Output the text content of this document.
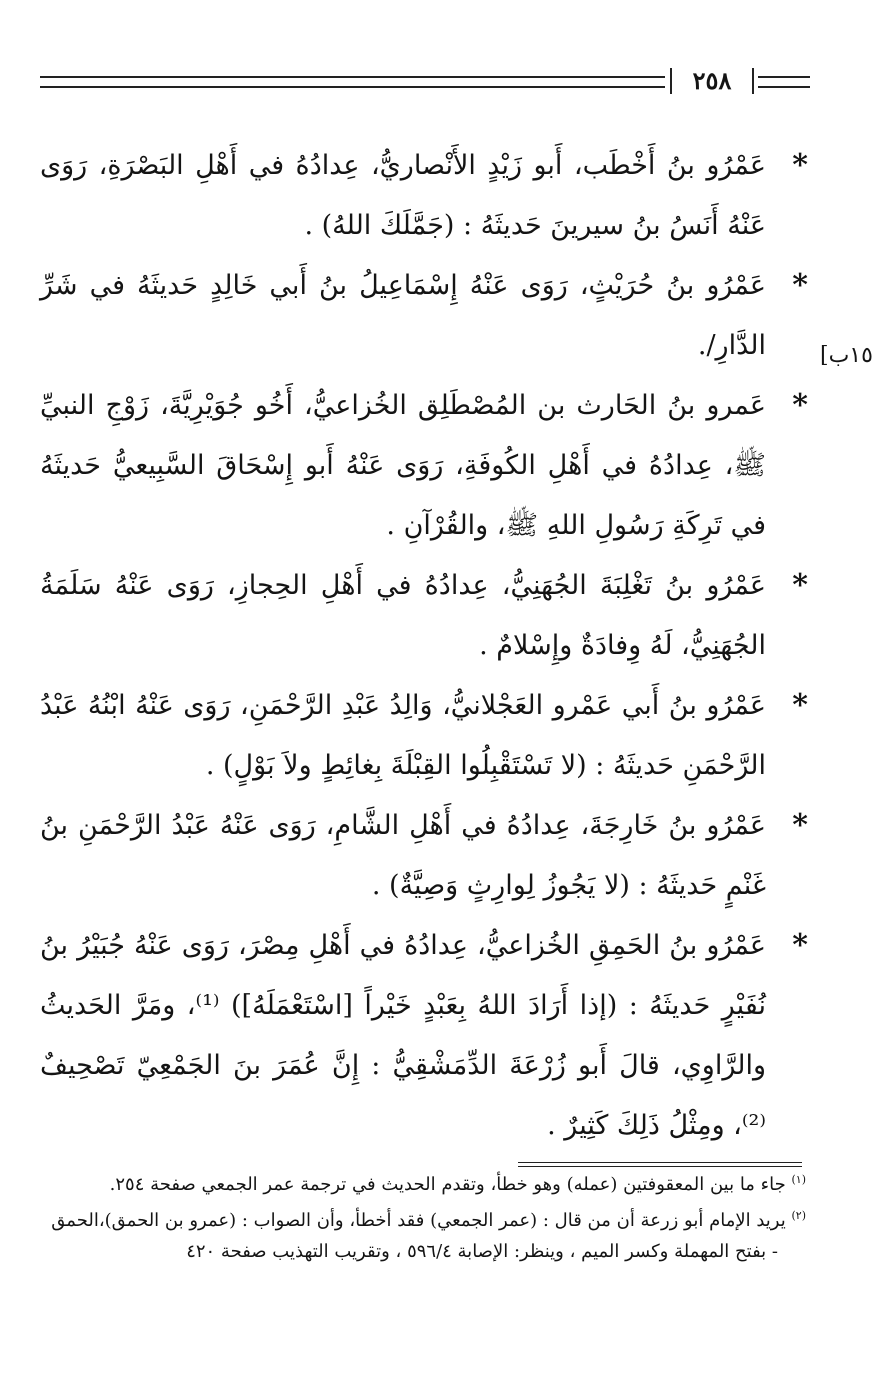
٢٥٨
١٥ب]

*
عَمْرُو بنُ أَخْطَب، أَبو زَيْدٍ الأَنْصاريُّ، عِدادُهُ في أَهْلِ البَصْرَةِ، رَوَى عَنْهُ أَنَسُ بنُ سيرينَ حَديثَهُ : (جَمَّلَكَ اللهُ) .

*
عَمْرُو بنُ حُرَيْثٍ، رَوَى عَنْهُ إِسْمَاعِيلُ بنُ أَبي خَالِدٍ حَديثَهُ في شَرِّ الدَّارِ/.

*
عَمرو بنُ الحَارث بن المُصْطَلِق الخُزاعيُّ، أَخُو جُوَيْرِيَّةَ، زَوْجِ النبيِّ ﷺ، عِدادُهُ في أَهْلِ الكُوفَةِ، رَوَى عَنْهُ أَبو إِسْحَاقَ السَّبِيعيُّ حَديثَهُ في تَرِكَةِ رَسُولِ اللهِ ﷺ، والقُرْآنِ .

*
عَمْرُو بنُ تَغْلِبَةَ الجُهَنِيُّ، عِدادُهُ في أَهْلِ الحِجازِ، رَوَى عَنْهُ سَلَمَةُ الجُهَنِيُّ، لَهُ وِفادَةٌ وإِسْلامٌ .

*
عَمْرُو بنُ أَبي عَمْرو العَجْلانيُّ، وَالِدُ عَبْدِ الرَّحْمَنِ، رَوَى عَنْهُ ابْنُهُ عَبْدُ الرَّحْمَنِ حَديثَهُ : (لا تَسْتَقْبِلُوا القِبْلَةَ بِغائِطٍ ولاَ بَوْلٍ) .

*
عَمْرُو بنُ خَارِجَةَ، عِدادُهُ في أَهْلِ الشَّامِ، رَوَى عَنْهُ عَبْدُ الرَّحْمَنِ بنُ غَنْمٍ حَديثَهُ : (لا يَجُوزُ لِوارِثٍ وَصِيَّةٌ) .

*
عَمْرُو بنُ الحَمِقِ الخُزاعيُّ، عِدادُهُ في أَهْلِ مِصْرَ، رَوَى عَنْهُ جُبَيْرُ بنُ نُفَيْرٍ حَديثَهُ : (إذا أَرَادَ اللهُ بِعَبْدٍ خَيْراً [اسْتَعْمَلَهُ]) ⁽¹⁾، ومَرَّ الحَديثُ والرَّاوِي، قالَ أَبو زُرْعَةَ الدِّمَشْقِيُّ : إِنَّ عُمَرَ بنَ الجَمْعِيّ تَصْحِيفٌ ⁽²⁾، ومِثْلُ ذَلِكَ كَثِيرٌ .

$^{(١)}$ جاء ما بين المعقوفتين (عمله) وهو خطأ، وتقدم الحديث في ترجمة عمر الجمعي صفحة ٢٥٤.

$^{(٢)}$ يريد الإمام أبو زرعة أن من قال : (عمر الجمعي) فقد أخطأ، وأن الصواب : (عمرو بن الحمق)،الحمق

- بفتح المهملة وكسر الميم ، وينظر: الإصابة ٥٩٦/٤ ، وتقريب التهذيب صفحة ٤٢٠
